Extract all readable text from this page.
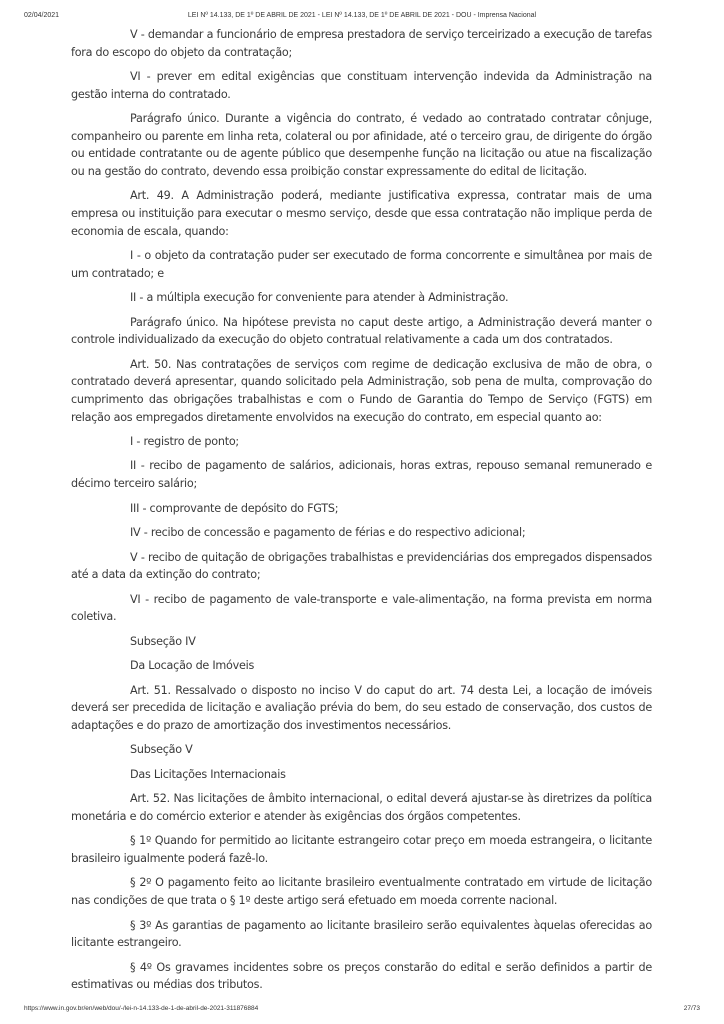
02/04/2021	LEI Nº 14.133, DE 1º DE ABRIL DE 2021 - LEI Nº 14.133, DE 1º DE ABRIL DE 2021 - DOU - Imprensa Nacional

V - demandar a funcionário de empresa prestadora de serviço terceirizado a execução de tarefas fora do escopo do objeto da contratação;

VI - prever em edital exigências que constituam intervenção indevida da Administração na gestão interna do contratado.

Parágrafo único. Durante a vigência do contrato, é vedado ao contratado contratar cônjuge, companheiro ou parente em linha reta, colateral ou por afinidade, até o terceiro grau, de dirigente do órgão ou entidade contratante ou de agente público que desempenhe função na licitação ou atue na fiscalização ou na gestão do contrato, devendo essa proibição constar expressamente do edital de licitação.

Art. 49. A Administração poderá, mediante justificativa expressa, contratar mais de uma empresa ou instituição para executar o mesmo serviço, desde que essa contratação não implique perda de economia de escala, quando:

I - o objeto da contratação puder ser executado de forma concorrente e simultânea por mais de um contratado; e

II - a múltipla execução for conveniente para atender à Administração.

Parágrafo único. Na hipótese prevista no caput deste artigo, a Administração deverá manter o controle individualizado da execução do objeto contratual relativamente a cada um dos contratados.

Art. 50. Nas contratações de serviços com regime de dedicação exclusiva de mão de obra, o contratado deverá apresentar, quando solicitado pela Administração, sob pena de multa, comprovação do cumprimento das obrigações trabalhistas e com o Fundo de Garantia do Tempo de Serviço (FGTS) em relação aos empregados diretamente envolvidos na execução do contrato, em especial quanto ao:

I - registro de ponto;

II - recibo de pagamento de salários, adicionais, horas extras, repouso semanal remunerado e décimo terceiro salário;

III - comprovante de depósito do FGTS;

IV - recibo de concessão e pagamento de férias e do respectivo adicional;

V - recibo de quitação de obrigações trabalhistas e previdenciárias dos empregados dispensados até a data da extinção do contrato;

VI - recibo de pagamento de vale-transporte e vale-alimentação, na forma prevista em norma coletiva.

Subseção IV

Da Locação de Imóveis

Art. 51. Ressalvado o disposto no inciso V do caput do art. 74 desta Lei, a locação de imóveis deverá ser precedida de licitação e avaliação prévia do bem, do seu estado de conservação, dos custos de adaptações e do prazo de amortização dos investimentos necessários.

Subseção V

Das Licitações Internacionais

Art. 52. Nas licitações de âmbito internacional, o edital deverá ajustar-se às diretrizes da política monetária e do comércio exterior e atender às exigências dos órgãos competentes.

§ 1º Quando for permitido ao licitante estrangeiro cotar preço em moeda estrangeira, o licitante brasileiro igualmente poderá fazê-lo.

§ 2º O pagamento feito ao licitante brasileiro eventualmente contratado em virtude de licitação nas condições de que trata o § 1º deste artigo será efetuado em moeda corrente nacional.

§ 3º As garantias de pagamento ao licitante brasileiro serão equivalentes àquelas oferecidas ao licitante estrangeiro.

§ 4º Os gravames incidentes sobre os preços constarão do edital e serão definidos a partir de estimativas ou médias dos tributos.

https://www.in.gov.br/en/web/dou/-/lei-n-14.133-de-1-de-abril-de-2021-311876884	27/73
